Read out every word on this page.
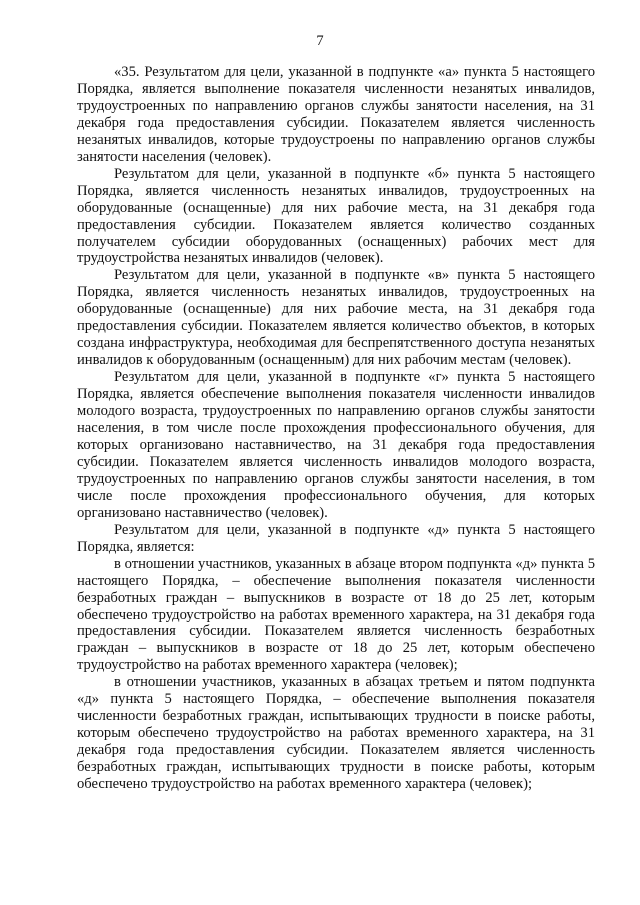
7

«35. Результатом для цели, указанной в подпункте «а» пункта 5 настоящего Порядка, является выполнение показателя численности незанятых инвалидов, трудоустроенных по направлению органов службы занятости населения, на 31 декабря года предоставления субсидии. Показателем является численность незанятых инвалидов, которые трудоустроены по направлению органов службы занятости населения (человек).

Результатом для цели, указанной в подпункте «б» пункта 5 настоящего Порядка, является численность незанятых инвалидов, трудоустроенных на оборудованные (оснащенные) для них рабочие места, на 31 декабря года предоставления субсидии. Показателем является количество созданных получателем субсидии оборудованных (оснащенных) рабочих мест для трудоустройства незанятых инвалидов (человек).

Результатом для цели, указанной в подпункте «в» пункта 5 настоящего Порядка, является численность незанятых инвалидов, трудоустроенных на оборудованные (оснащенные) для них рабочие места, на 31 декабря года предоставления субсидии. Показателем является количество объектов, в которых создана инфраструктура, необходимая для беспрепятственного доступа незанятых инвалидов к оборудованным (оснащенным) для них рабочим местам (человек).

Результатом для цели, указанной в подпункте «г» пункта 5 настоящего Порядка, является обеспечение выполнения показателя численности инвалидов молодого возраста, трудоустроенных по направлению органов службы занятости населения, в том числе после прохождения профессионального обучения, для которых организовано наставничество, на 31 декабря года предоставления субсидии. Показателем является численность инвалидов молодого возраста, трудоустроенных по направлению органов службы занятости населения, в том числе после прохождения профессионального обучения, для которых организовано наставничество (человек).

Результатом для цели, указанной в подпункте «д» пункта 5 настоящего Порядка, является:

в отношении участников, указанных в абзаце втором подпункта «д» пункта 5 настоящего Порядка, – обеспечение выполнения показателя численности безработных граждан – выпускников в возрасте от 18 до 25 лет, которым обеспечено трудоустройство на работах временного характера, на 31 декабря года предоставления субсидии. Показателем является численность безработных граждан – выпускников в возрасте от 18 до 25 лет, которым обеспечено трудоустройство на работах временного характера (человек);

в отношении участников, указанных в абзацах третьем и пятом подпункта «д» пункта 5 настоящего Порядка, – обеспечение выполнения показателя численности безработных граждан, испытывающих трудности в поиске работы, которым обеспечено трудоустройство на работах временного характера, на 31 декабря года предоставления субсидии. Показателем является численность безработных граждан, испытывающих трудности в поиске работы, которым обеспечено трудоустройство на работах временного характера (человек);
